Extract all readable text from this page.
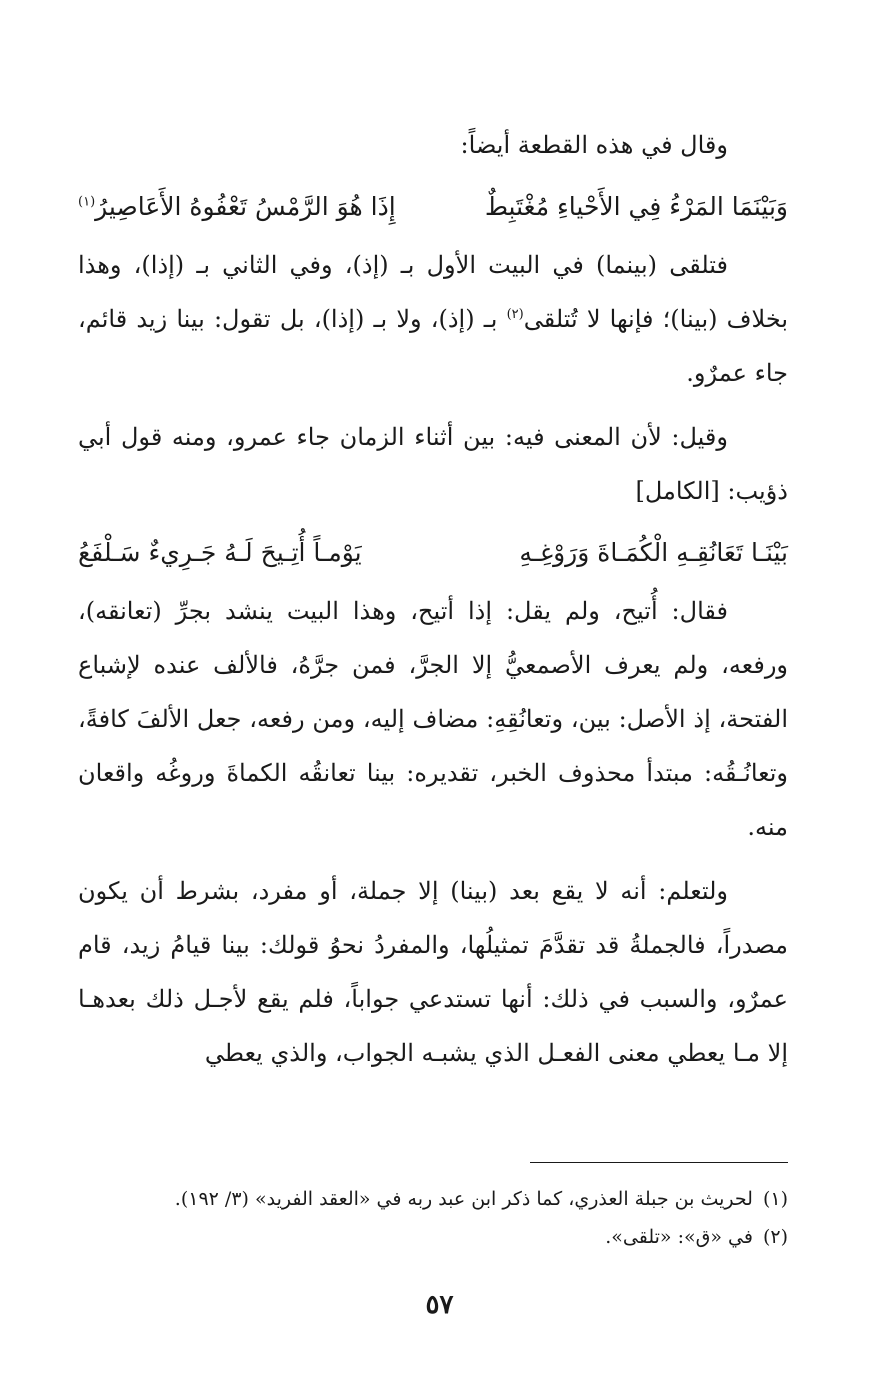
وقال في هذه القطعة أيضاً:

وَبَيْنَمَا المَرْءُ فِي الأَحْياءِ مُغْتَبِطٌ
إِذَا هُوَ الرَّمْسُ تَعْفُوهُ الأَعَاصِيرُ$^{(١)}$

فتلقى (بينما) في البيت الأول بـ (إذ)، وفي الثاني بـ (إذا)، وهذا بخلاف (بينا)؛ فإنها لا تُتلقى$^{(٢)}$ بـ (إذ)، ولا بـ (إذا)، بل تقول: بينا زيد قائم، جاء عمرٌو.

وقيل: لأن المعنى فيه: بين أثناء الزمان جاء عمرو، ومنه قول أبي ذؤيب: [الكامل]

بَيْنَـا تَعَانُقِـهِ الْكُمَـاةَ وَرَوْغِـهِ
يَوْمـاً أُتِـيحَ لَـهُ جَـرِيءٌ سَـلْفَعُ

فقال: أُتيح، ولم يقل: إذا أتيح، وهذا البيت ينشد بجرِّ (تعانقه)، ورفعه، ولم يعرف الأصمعيُّ إلا الجرَّ، فمن جرَّهُ، فالألف عنده لإشباع الفتحة، إذ الأصل: بين، وتعانُقِهِ: مضاف إليه، ومن رفعه، جعل الألفَ كافةً، وتعانُـقُه: مبتدأ محذوف الخبر، تقديره: بينا تعانقُه الكماةَ وروغُه واقعان منه.

ولتعلم: أنه لا يقع بعد (بينا) إلا جملة، أو مفرد، بشرط أن يكون مصدراً، فالجملةُ قد تقدَّمَ تمثيلُها، والمفردُ نحوُ قولك: بينا قيامُ زيد، قام عمرٌو، والسبب في ذلك: أنها تستدعي جواباً، فلم يقع لأجـل ذلك بعدهـا إلا مـا يعطي معنى الفعـل الذي يشبـه الجواب، والذي يعطي

(١)لحريث بن جبلة العذري، كما ذكر ابن عبد ربه في «العقد الفريد» (٣/ ١٩٢).

(٢)في «ق»: «تلقى».

٥٧
